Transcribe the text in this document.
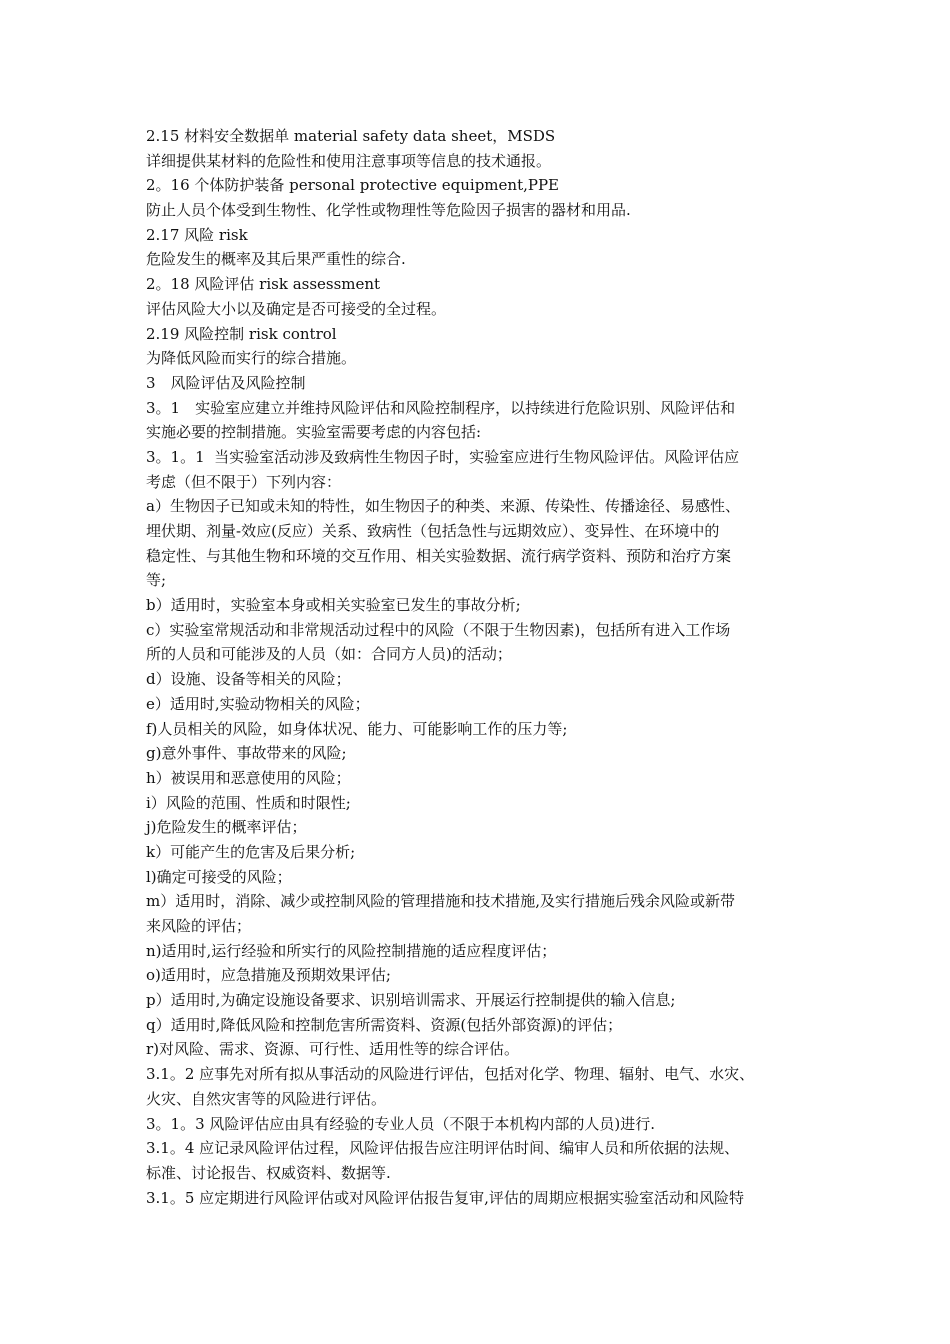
2.15 材料安全数据单 material safety data sheet，MSDS
详细提供某材料的危险性和使用注意事项等信息的技术通报。
2。16 个体防护装备 personal protective equipment,PPE
防止人员个体受到生物性、化学性或物理性等危险因子损害的器材和用品.
2.17 风险 risk
危险发生的概率及其后果严重性的综合.
2。18 风险评估 risk assessment
评估风险大小以及确定是否可接受的全过程。
2.19 风险控制 risk control
为降低风险而实行的综合措施。
3　风险评估及风险控制
3。1　实验室应建立并维持风险评估和风险控制程序，以持续进行危险识别、风险评估和
实施必要的控制措施。实验室需要考虑的内容包括:
3。1。1  当实验室活动涉及致病性生物因子时，实验室应进行生物风险评估。风险评估应
考虑（但不限于）下列内容：
a）生物因子已知或未知的特性，如生物因子的种类、来源、传染性、传播途径、易感性、
埋伏期、剂量-效应(反应）关系、致病性（包括急性与远期效应）、变异性、在环境中的
稳定性、与其他生物和环境的交互作用、相关实验数据、流行病学资料、预防和治疗方案
等;
b）适用时，实验室本身或相关实验室已发生的事故分析;
c）实验室常规活动和非常规活动过程中的风险（不限于生物因素)，包括所有进入工作场
所的人员和可能涉及的人员（如：合同方人员)的活动；
d）设施、设备等相关的风险；
e）适用时,实验动物相关的风险；
f)人员相关的风险，如身体状况、能力、可能影响工作的压力等;
g)意外事件、事故带来的风险;
h）被误用和恶意使用的风险；
i）风险的范围、性质和时限性;
j)危险发生的概率评估；
k）可能产生的危害及后果分析;
l)确定可接受的风险；
m）适用时，消除、减少或控制风险的管理措施和技术措施,及实行措施后残余风险或新带
来风险的评估；
n)适用时,运行经验和所实行的风险控制措施的适应程度评估；
o)适用时，应急措施及预期效果评估;
p）适用时,为确定设施设备要求、识别培训需求、开展运行控制提供的输入信息;
q）适用时,降低风险和控制危害所需资料、资源(包括外部资源)的评估；
r)对风险、需求、资源、可行性、适用性等的综合评估。
3.1。2 应事先对所有拟从事活动的风险进行评估，包括对化学、物理、辐射、电气、水灾、
火灾、自然灾害等的风险进行评估。
3。1。3 风险评估应由具有经验的专业人员（不限于本机构内部的人员)进行.
3.1。4 应记录风险评估过程，风险评估报告应注明评估时间、编审人员和所依据的法规、
标准、讨论报告、权威资料、数据等.
3.1。5 应定期进行风险评估或对风险评估报告复审,评估的周期应根据实验室活动和风险特
